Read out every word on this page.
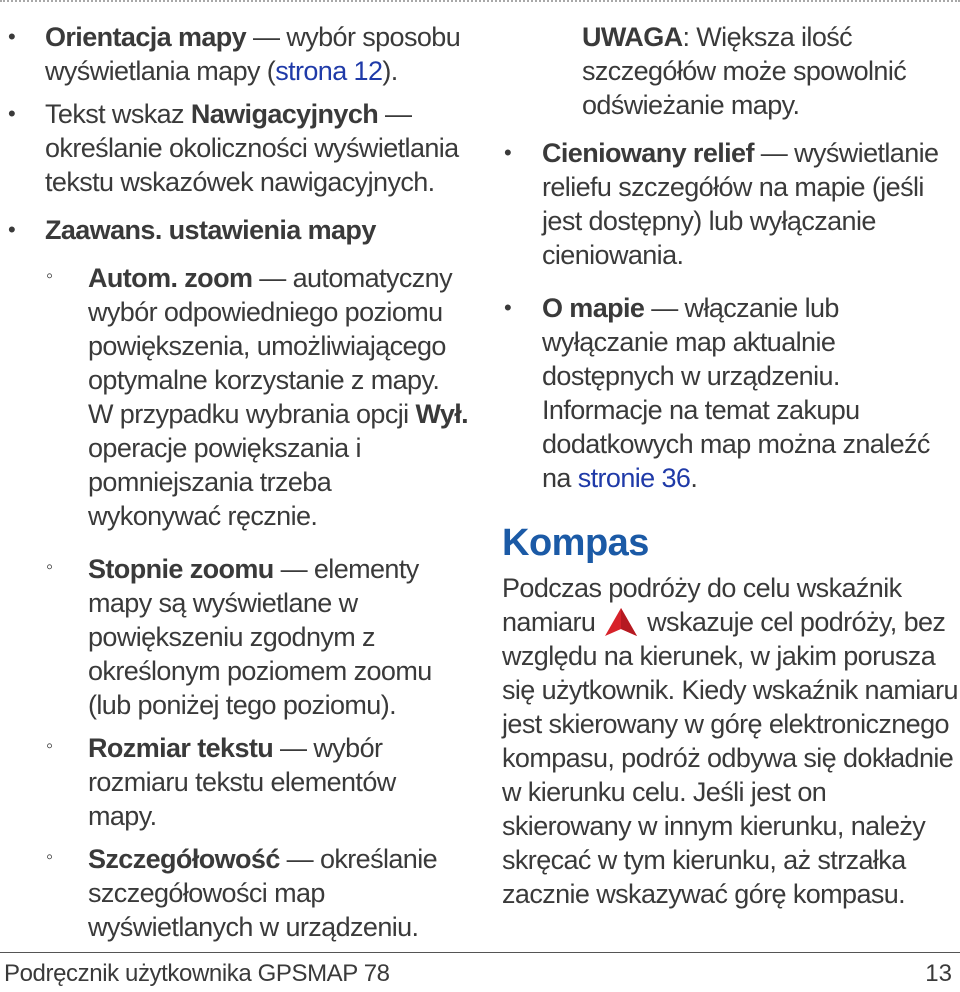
• Orientacja mapy — wybór sposobu wyświetlania mapy (strona 12).

• Tekst wskaz Nawigacyjnych — określanie okoliczności wyświetlania tekstu wskazówek nawigacyjnych.

• Zaawans. ustawienia mapy

◦ Autom. zoom — automatyczny wybór odpowiedniego poziomu powiększenia, umożliwiającego optymalne korzystanie z mapy. W przypadku wybrania opcji Wył. operacje powiększania i pomniejszania trzeba wykonywać ręcznie.

◦ Stopnie zoomu — elementy mapy są wyświetlane w powiększeniu zgodnym z określonym poziomem zoomu (lub poniżej tego poziomu).

◦ Rozmiar tekstu — wybór rozmiaru tekstu elementów mapy.

◦ Szczegółowość — określanie szczegółowości map wyświetlanych w urządzeniu.

UWAGA: Większa ilość szczegółów może spowolnić odświeżanie mapy.

• Cieniowany relief — wyświetlanie reliefu szczegółów na mapie (jeśli jest dostępny) lub wyłączanie cieniowania.

• O mapie — włączanie lub wyłączanie map aktualnie dostępnych w urządzeniu. Informacje na temat zakupu dodatkowych map można znaleźć na stronie 36.

Kompas

Podczas podróży do celu wskaźnik namiaru  wskazuje cel podróży, bez względu na kierunek, w jakim porusza się użytkownik. Kiedy wskaźnik namiaru jest skierowany w górę elektronicznego kompasu, podróż odbywa się dokładnie w kierunku celu. Jeśli jest on skierowany w innym kierunku, należy skręcać w tym kierunku, aż strzałka zacznie wskazywać górę kompasu.

Podręcznik użytkownika GPSMAP 78	13
